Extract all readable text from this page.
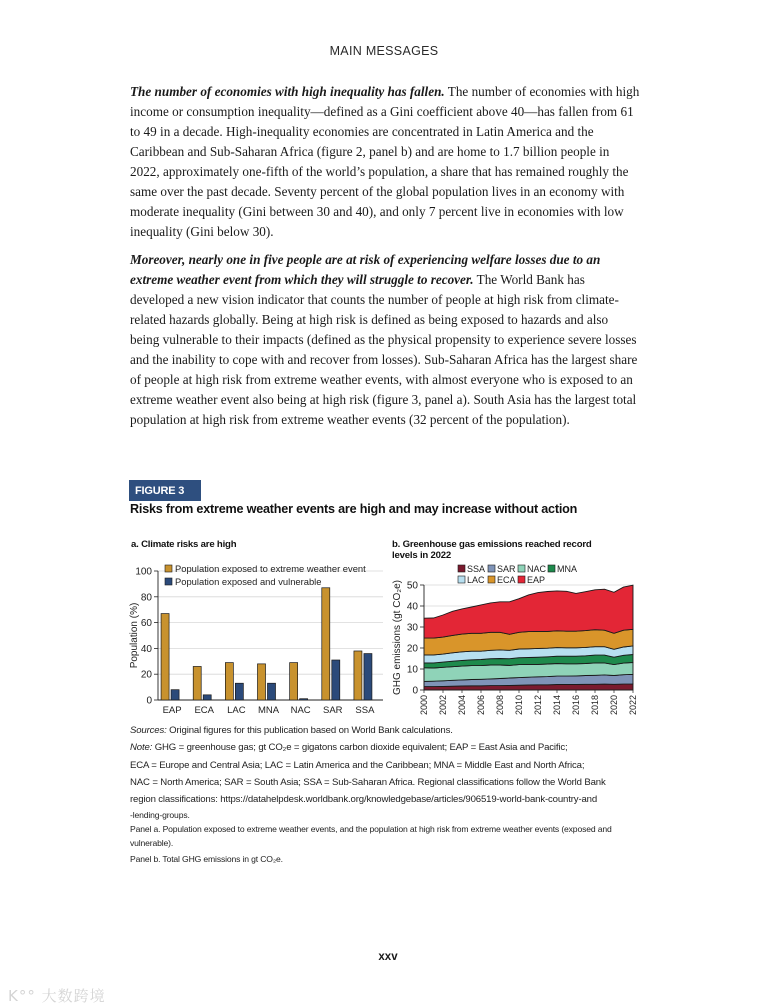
MAIN MESSAGES

The number of economies with high inequality has fallen. The number of economies with high income or consumption inequality—defined as a Gini coefficient above 40—has fallen from 61 to 49 in a decade. High-inequality economies are concentrated in Latin America and the Caribbean and Sub-Saharan Africa (figure 2, panel b) and are home to 1.7 billion people in 2022, approximately one-fifth of the world’s population, a share that has remained roughly the same over the past decade. Seventy percent of the global population lives in an economy with moderate inequality (Gini between 30 and 40), and only 7 percent live in economies with low inequality (Gini below 30).

Moreover, nearly one in five people are at risk of experiencing welfare losses due to an extreme weather event from which they will struggle to recover. The World Bank has developed a new vision indicator that counts the number of people at high risk from climate-related hazards globally. Being at high risk is defined as being exposed to hazards and also being vulnerable to their impacts (defined as the physical propensity to experience severe losses and the inability to cope with and recover from losses). Sub-Saharan Africa has the largest share of people at high risk from extreme weather events, with almost everyone who is exposed to an extreme weather event also being at high risk (figure 3, panel a). South Asia has the largest total population at high risk from extreme weather events (32 percent of the population).

FIGURE 3
Risks from extreme weather events are high and may increase without action
a. Climate risks are high	b. Greenhouse gas emissions reached record levels in 2022
0
20
40
60
80
100
EAP ECA LAC MNA NAC SAR SSA
Population (%)
Population exposed to extreme weather event
Population exposed and vulnerable
0
10
20
30
40
50
2000 2002 2004 2006 2008 2010 2012 2014 2016 2018 2020 2022
GHG emissions (gt CO₂e)
SSA SAR NAC MNA
LAC ECA EAP

Sources: Original figures for this publication based on World Bank calculations.

Note: GHG = greenhouse gas; gt CO₂e = gigatons carbon dioxide equivalent; EAP = East Asia and Pacific;

ECA = Europe and Central Asia; LAC = Latin America and the Caribbean; MNA = Middle East and North Africa;

NAC = North America; SAR = South Asia; SSA = Sub-Saharan Africa. Regional classifications follow the World Bank

region classifications: https://datahelpdesk.worldbank.org/knowledgebase/articles/906519-world-bank-country-and

-lending-groups.

Panel a. Population exposed to extreme weather events, and the population at high risk from extreme weather events (exposed and vulnerable).

Panel b. Total GHG emissions in gt CO₂e.

xxv
K°° 大数跨境
